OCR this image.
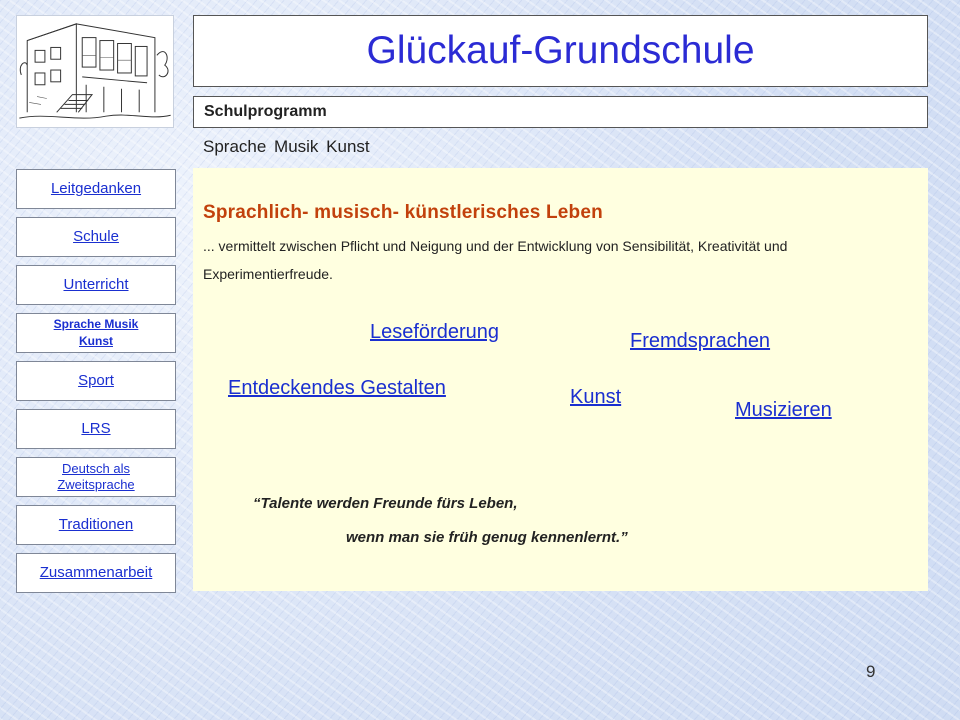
Glückauf-Grundschule
Schulprogramm
Sprache Musik Kunst
Leitgedanken
Schule
Unterricht
Sprache Musik Kunst
Sport
LRS
Deutsch als Zweitsprache
Traditionen
Zusammenarbeit
Sprachlich- musisch- künstlerisches Leben
... vermittelt zwischen Pflicht und Neigung und der Entwicklung von Sensibilität, Kreativität und Experimentierfreude.
Leseförderung	Fremdsprachen
Entdeckendes Gestalten	Kunst
Musizieren
“Talente werden Freunde fürs Leben,
wenn man sie früh genug kennenlernt.”
9
